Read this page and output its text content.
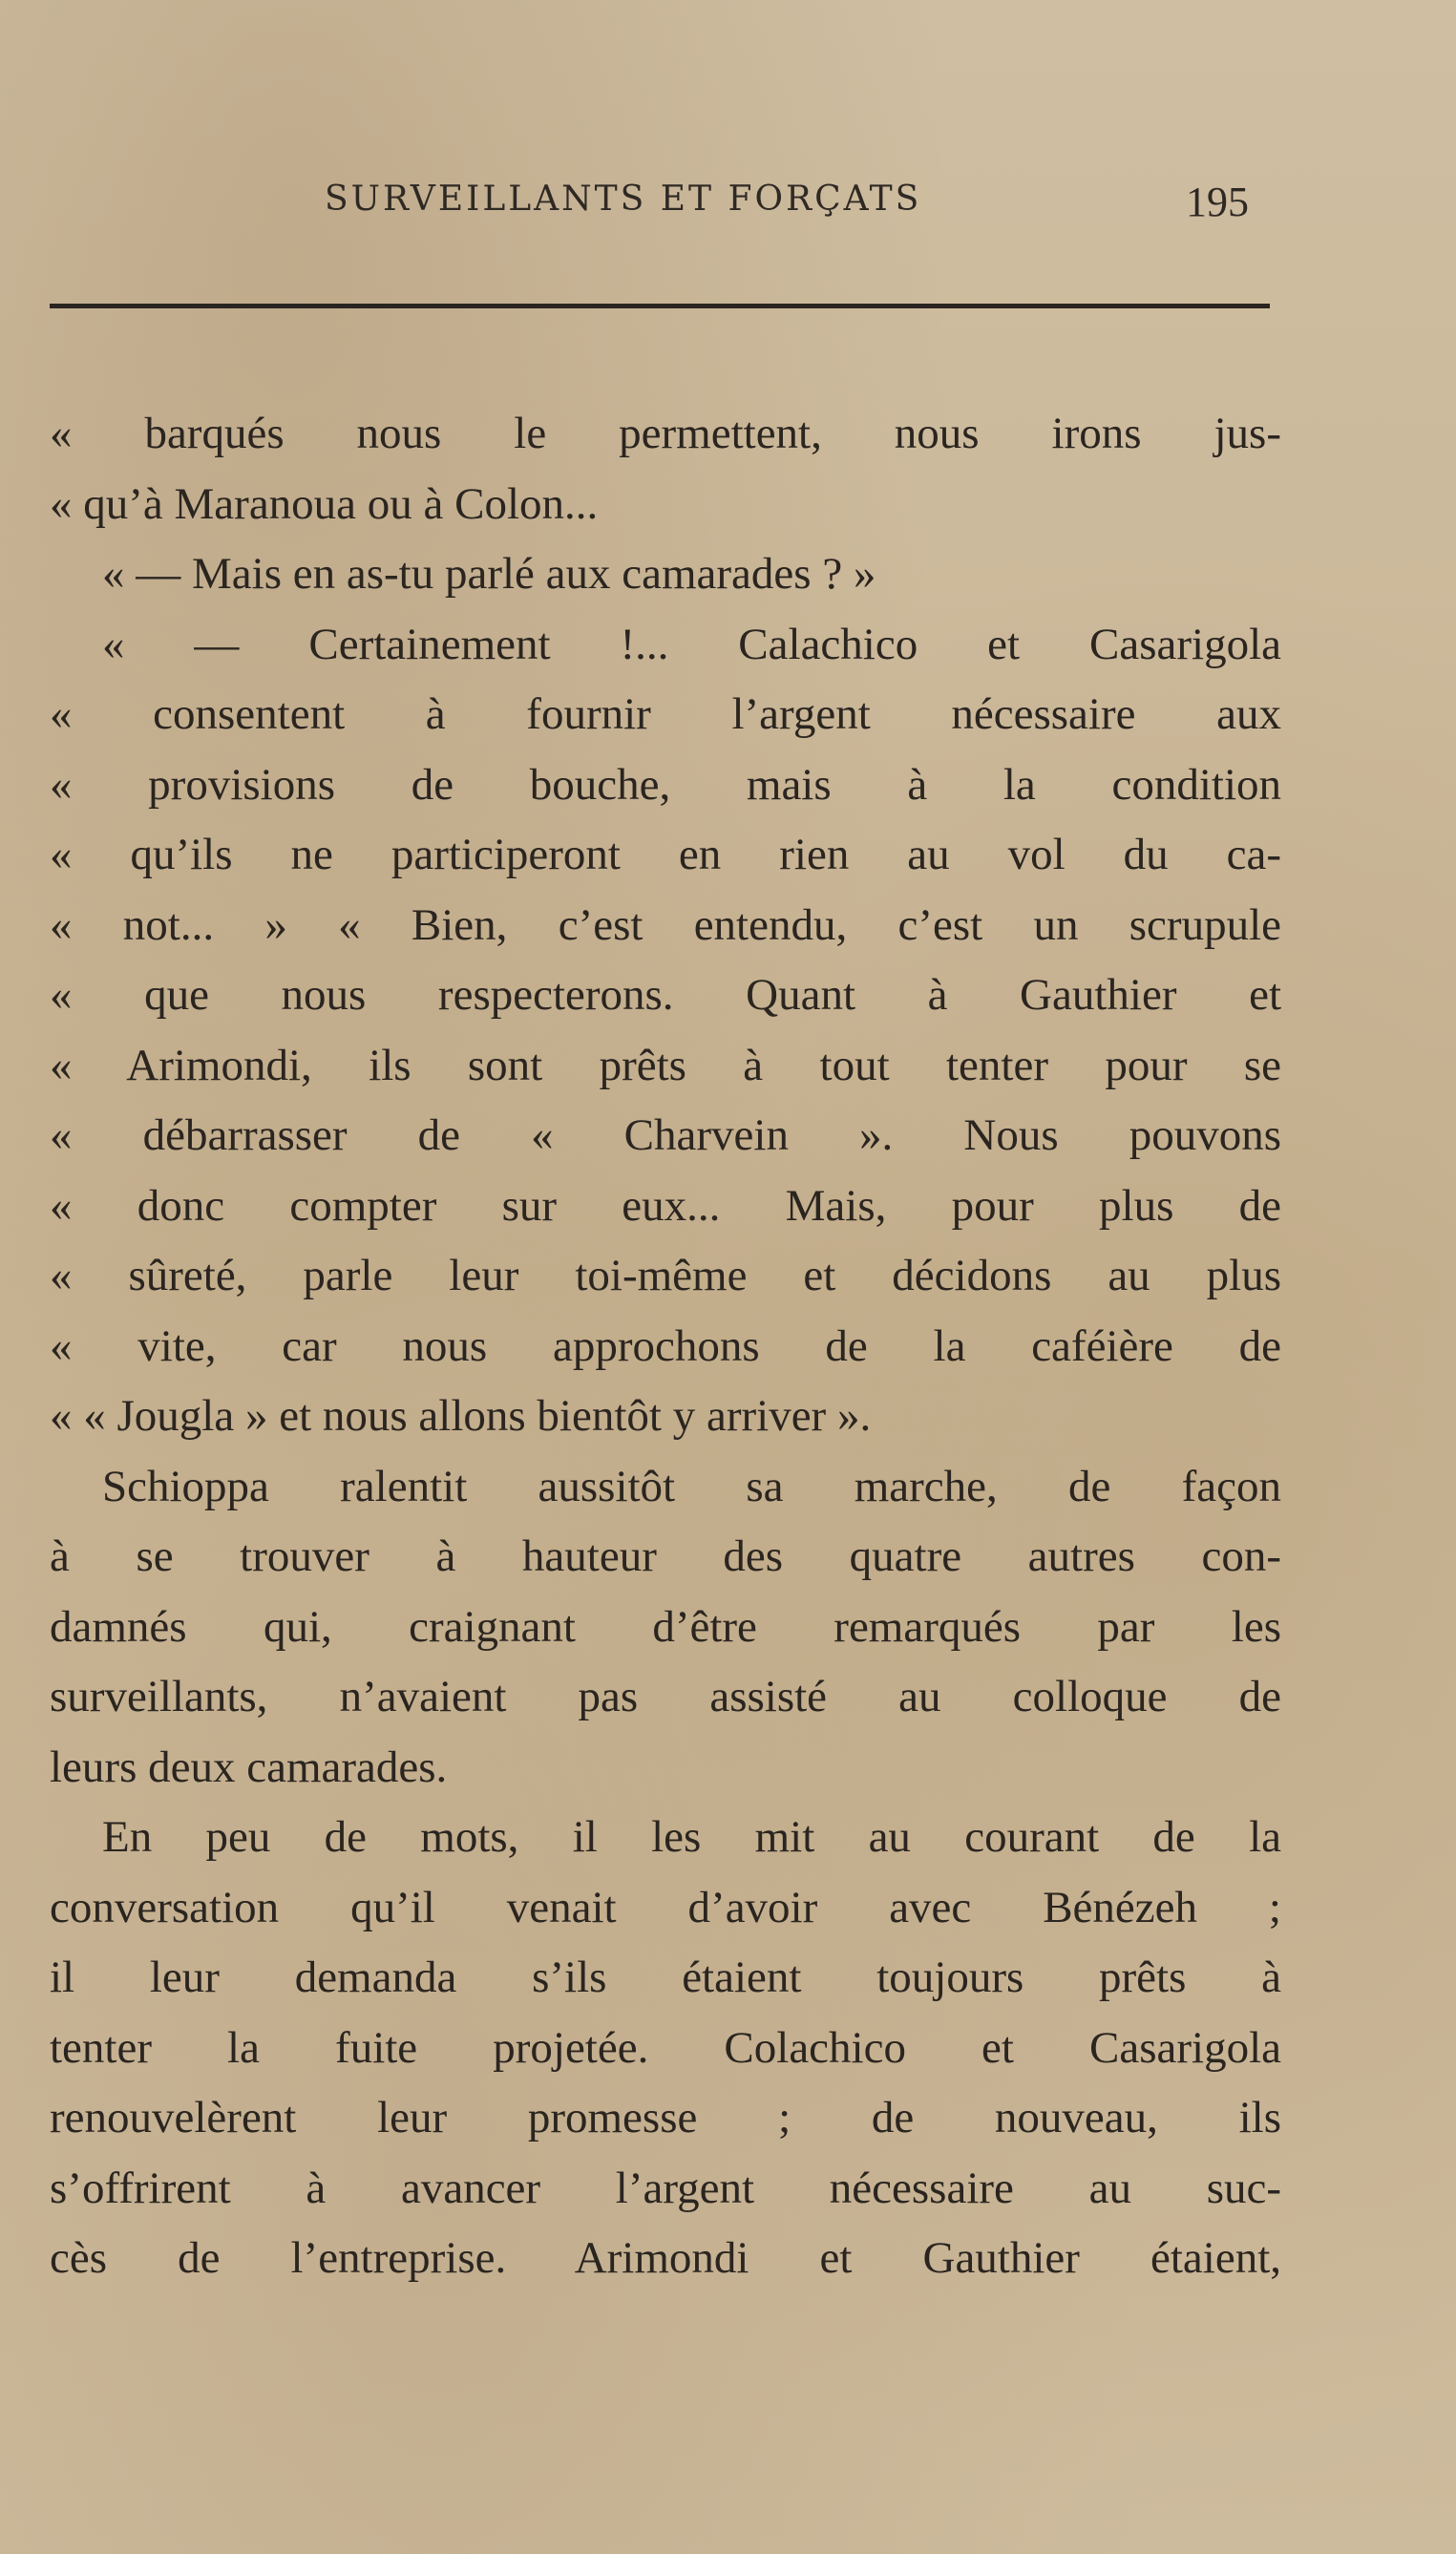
SURVEILLANTS ET FORÇATS	195
« barqués nous le permettent, nous irons jus-
« qu’à Maranoua ou à Colon...
« — Mais en as-tu parlé aux camarades ? »
« — Certainement !... Calachico et Casarigola
« consentent à fournir l’argent nécessaire aux
« provisions de bouche, mais à la condition
« qu’ils ne participeront en rien au vol du ca-
« not... » « Bien, c’est entendu, c’est un scrupule
« que nous respecterons. Quant à Gauthier et
« Arimondi, ils sont prêts à tout tenter pour se
« débarrasser de « Charvein ». Nous pouvons
« donc compter sur eux... Mais, pour plus de
« sûreté, parle leur toi-même et décidons au plus
« vite, car nous approchons de la caféière de
« « Jougla » et nous allons bientôt y arriver ».
Schioppa ralentit aussitôt sa marche, de façon
à se trouver à hauteur des quatre autres con-
damnés qui, craignant d’être remarqués par les
surveillants, n’avaient pas assisté au colloque de
leurs deux camarades.
En peu de mots, il les mit au courant de la
conversation qu’il venait d’avoir avec Bénézeh ;
il leur demanda s’ils étaient toujours prêts à
tenter la fuite projetée. Colachico et Casarigola
renouvelèrent leur promesse ; de nouveau, ils
s’offrirent à avancer l’argent nécessaire au suc-
cès de l’entreprise. Arimondi et Gauthier étaient,
